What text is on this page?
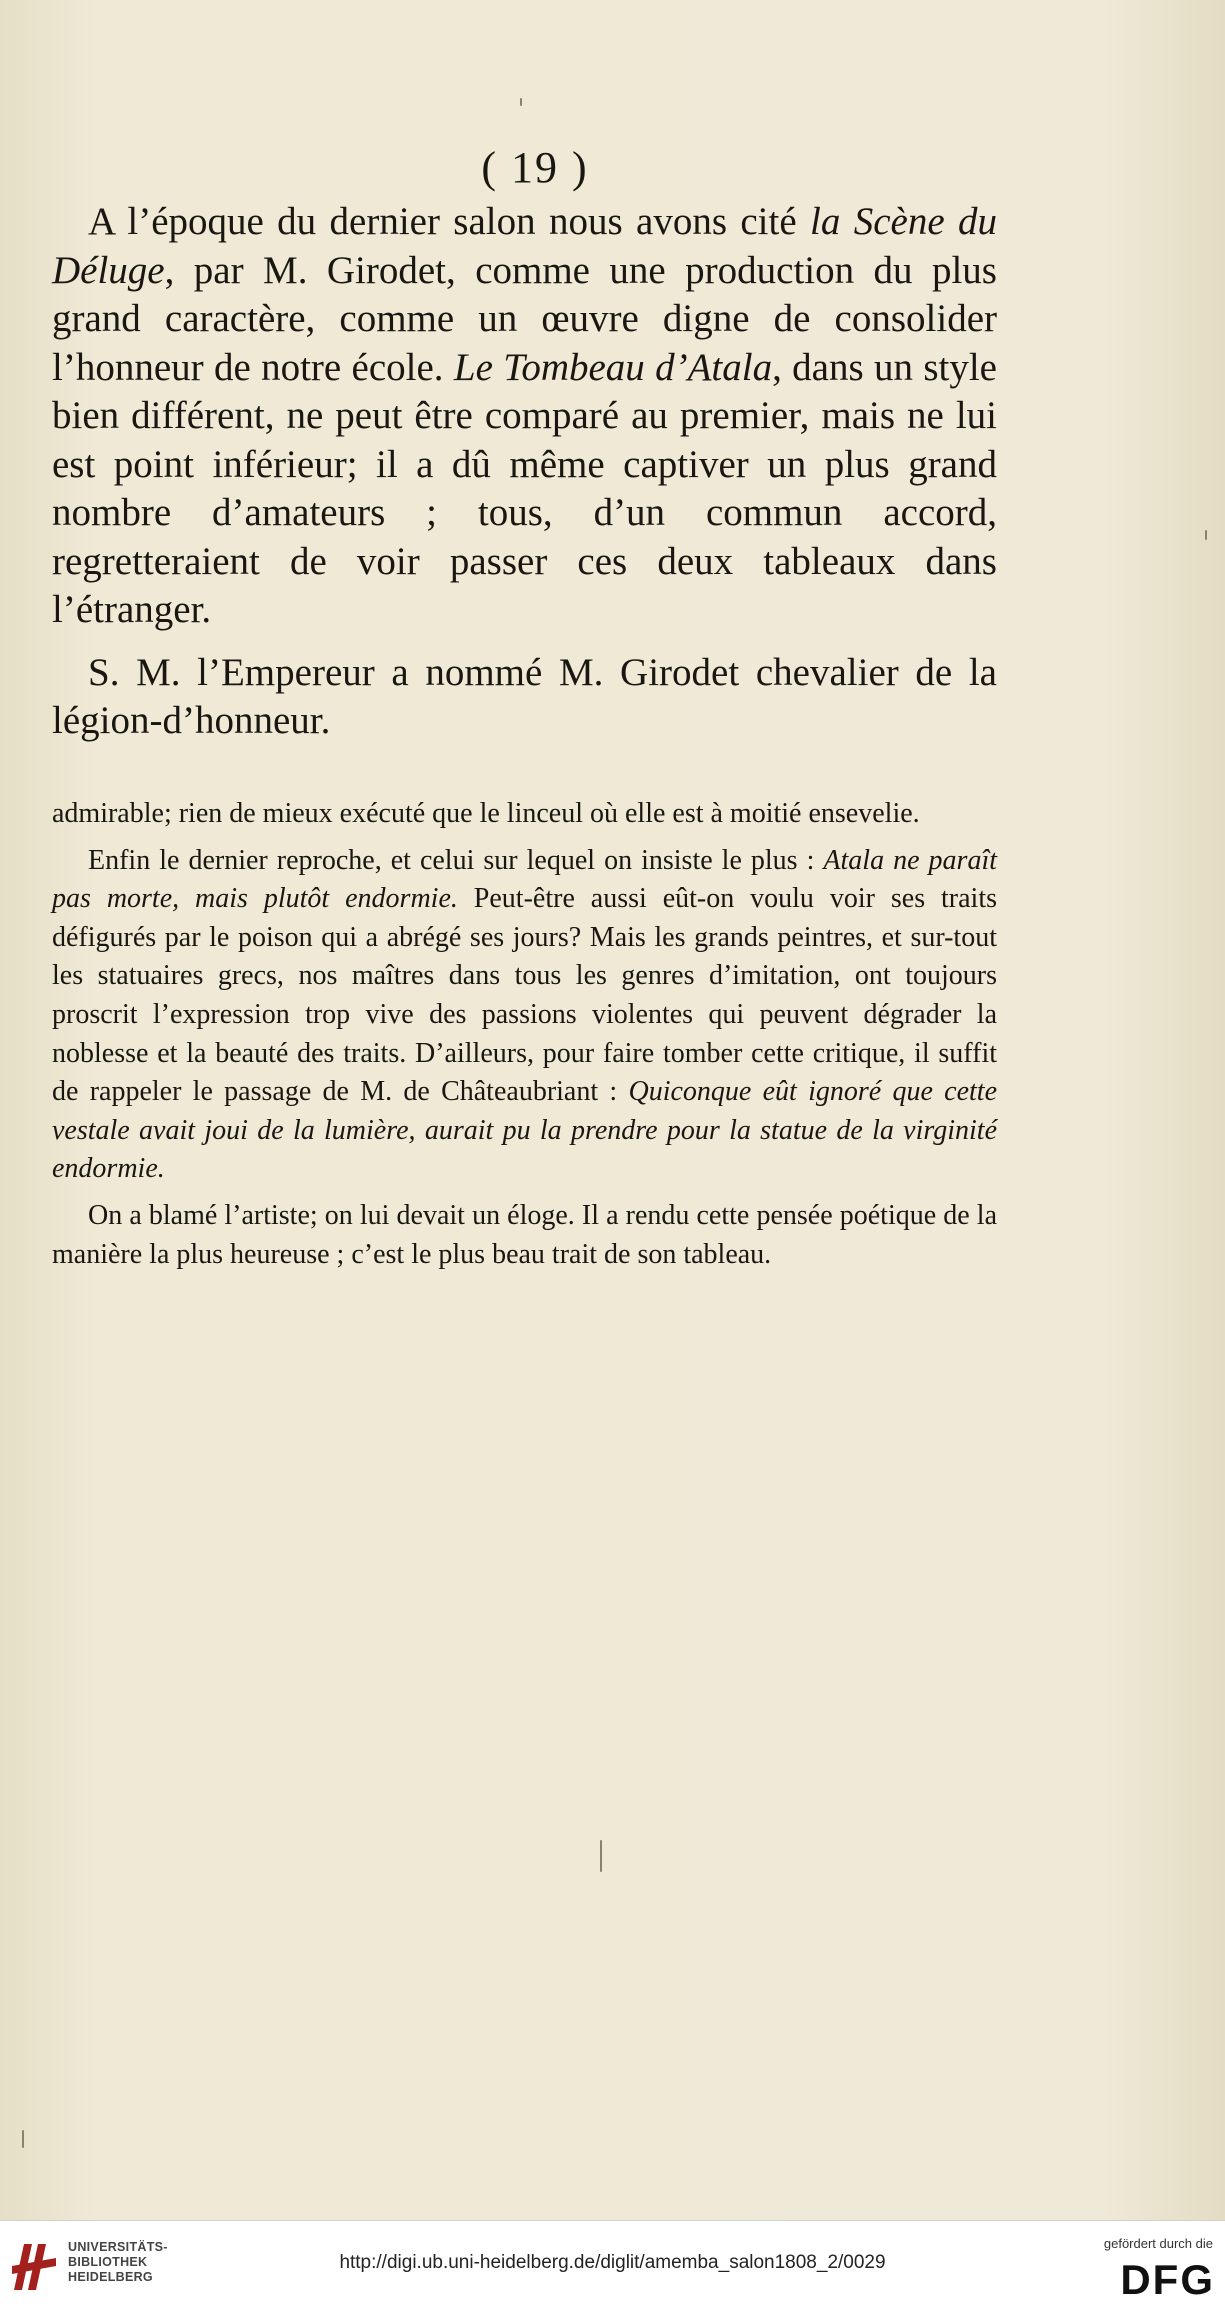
( 19 )

A l’époque du dernier salon nous avons cité la Scène du Déluge, par M. Girodet, comme une production du plus grand caractère, comme un œuvre digne de consolider l’honneur de notre école. Le Tombeau d’Atala, dans un style bien différent, ne peut être comparé au premier, mais ne lui est point inférieur; il a dû même captiver un plus grand nombre d’amateurs ; tous, d’un commun accord, regretteraient de voir passer ces deux tableaux dans l’étranger.

S. M. l’Empereur a nommé M. Girodet chevalier de la légion-d’honneur.

admirable; rien de mieux exécuté que le linceul où elle est à moitié ensevelie.

Enfin le dernier reproche, et celui sur lequel on insiste le plus : Atala ne paraît pas morte, mais plutôt endormie. Peut-être aussi eût-on voulu voir ses traits défigurés par le poison qui a abrégé ses jours? Mais les grands peintres, et sur-tout les statuaires grecs, nos maîtres dans tous les genres d’imitation, ont toujours proscrit l’expression trop vive des passions violentes qui peuvent dégrader la noblesse et la beauté des traits. D’ailleurs, pour faire tomber cette critique, il suffit de rappeler le passage de M. de Châteaubriant : Quiconque eût ignoré que cette vestale avait joui de la lumière, aurait pu la prendre pour la statue de la virginité endormie.

On a blamé l’artiste; on lui devait un éloge. Il a rendu cette pensée poétique de la manière la plus heureuse ; c’est le plus beau trait de son tableau.

UNIVERSITÄTS-
BIBLIOTHEK
HEIDELBERG
http://digi.ub.uni-heidelberg.de/diglit/amemba_salon1808_2/0029
gefördert durch die
DFG
